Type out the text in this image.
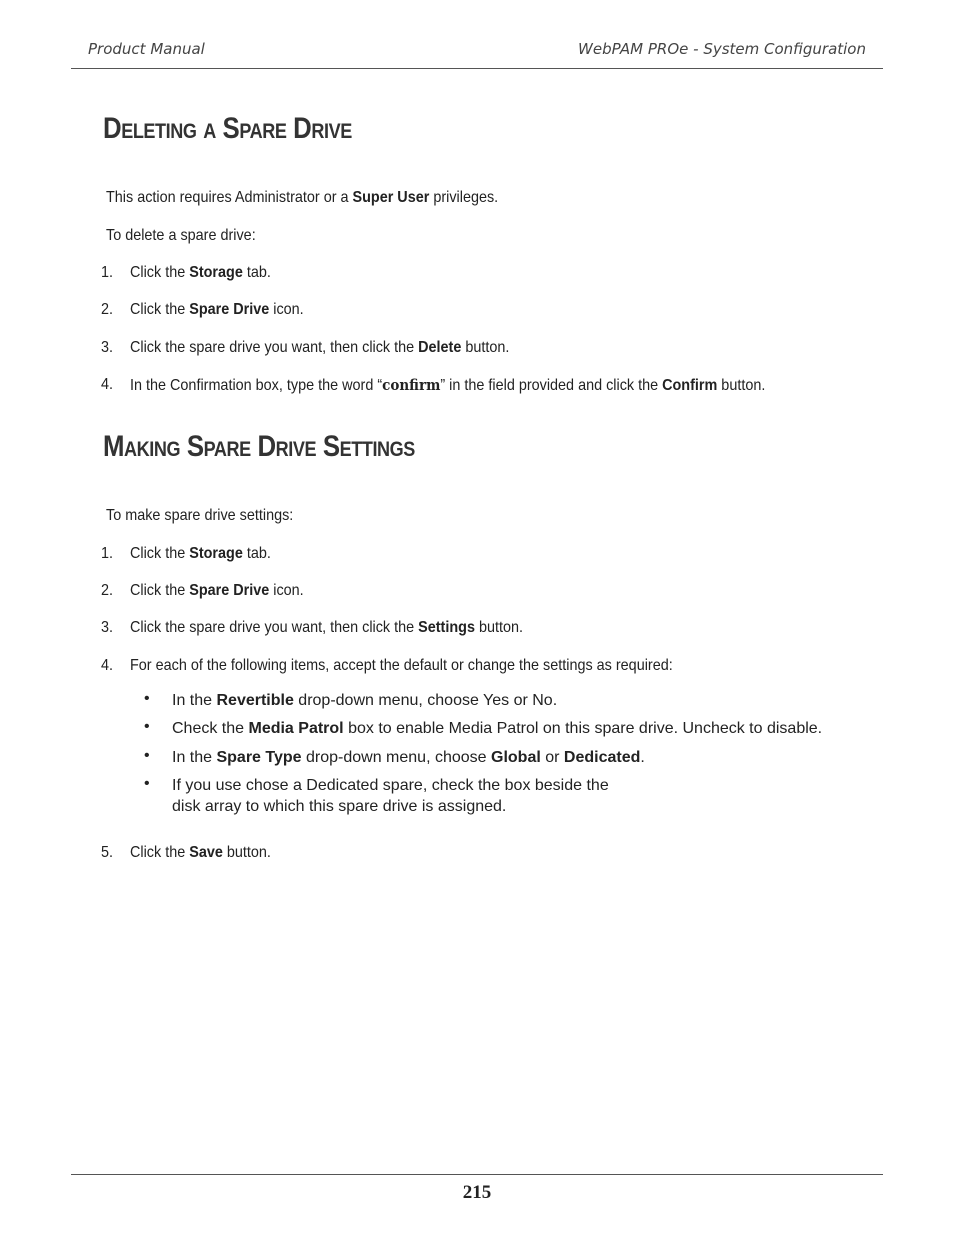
Product Manual	WebPAM PROe - System Configuration
Deleting a Spare Drive
This action requires Administrator or a Super User privileges.
To delete a spare drive:
1. Click the Storage tab.
2. Click the Spare Drive icon.
3. Click the spare drive you want, then click the Delete button.
4. In the Confirmation box, type the word “confirm” in the field provided and click the Confirm button.
Making Spare Drive Settings
To make spare drive settings:
1. Click the Storage tab.
2. Click the Spare Drive icon.
3. Click the spare drive you want, then click the Settings button.
4. For each of the following items, accept the default or change the settings as required:
• In the Revertible drop-down menu, choose Yes or No.
• Check the Media Patrol box to enable Media Patrol on this spare drive. Uncheck to disable.
• In the Spare Type drop-down menu, choose Global or Dedicated.
• If you use chose a Dedicated spare, check the box beside the
disk array to which this spare drive is assigned.
5. Click the Save button.
215
